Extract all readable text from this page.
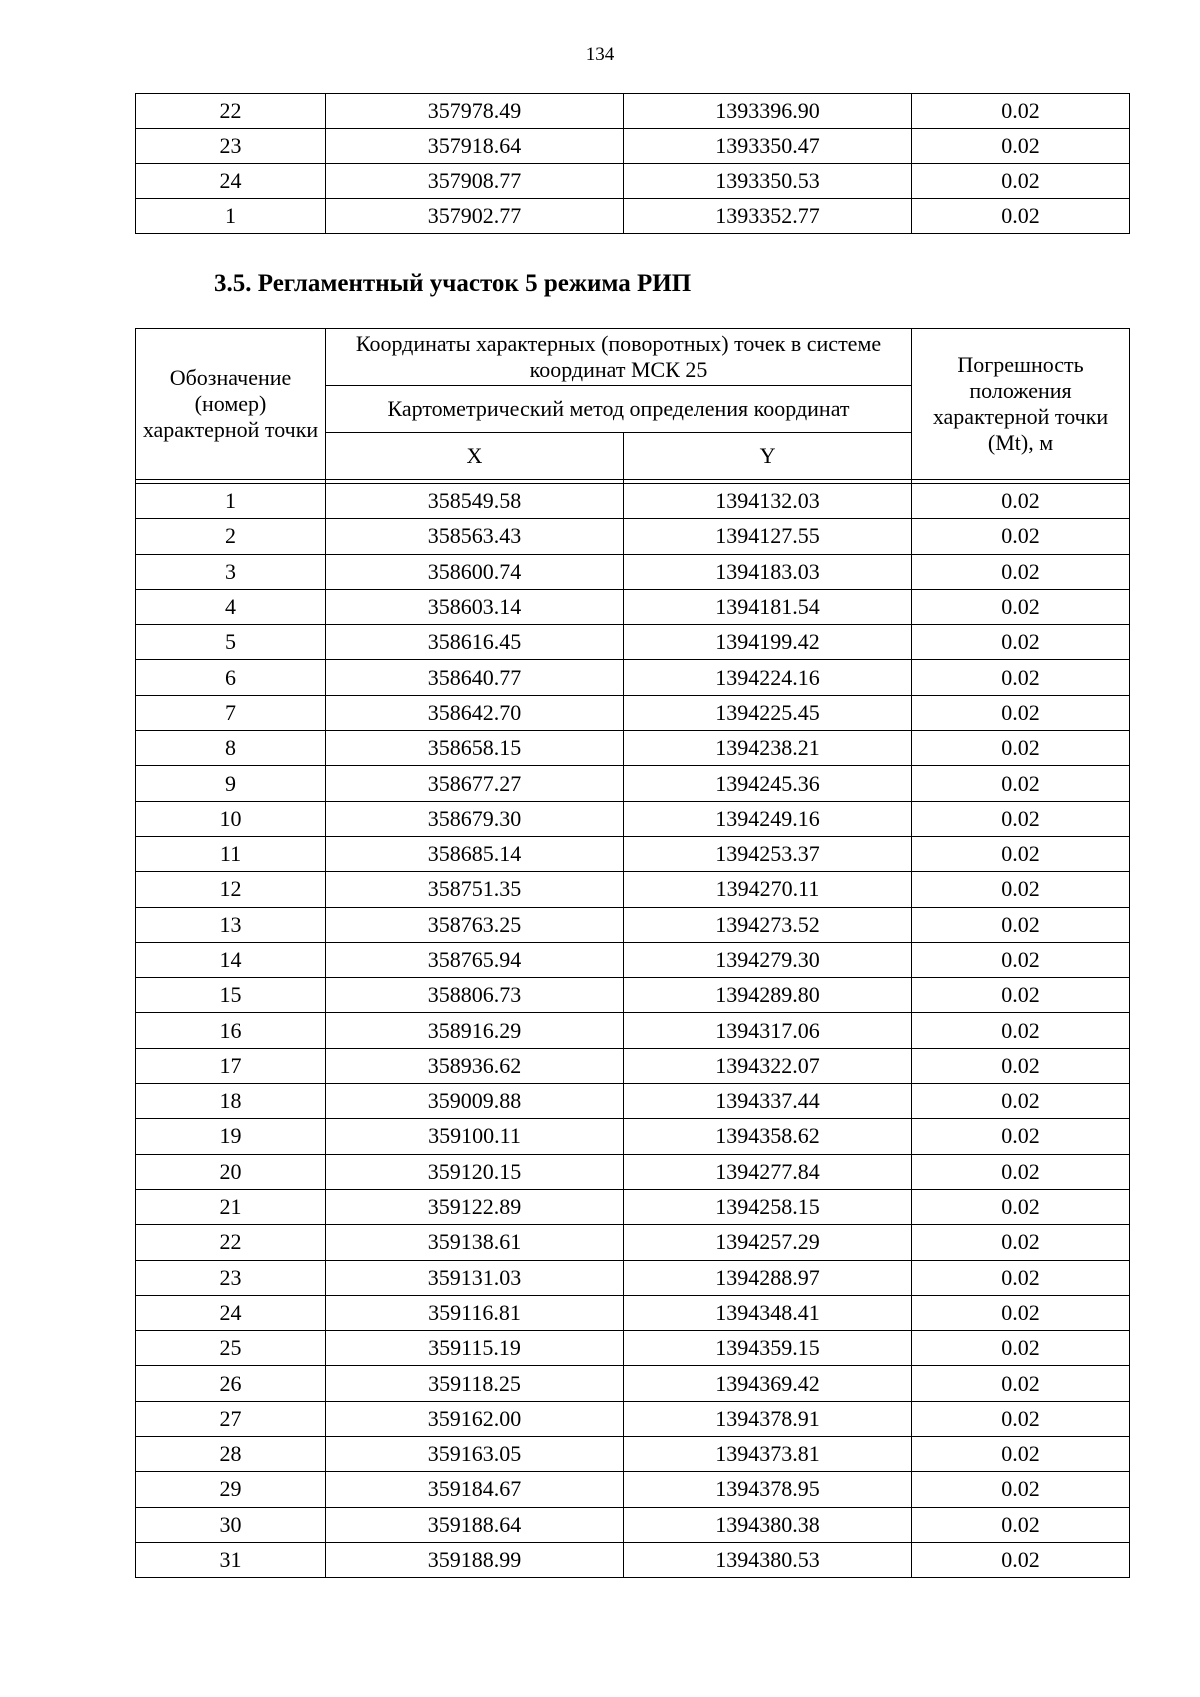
134
22	357978.49	1393396.90	0.02
23	357918.64	1393350.47	0.02
24	357908.77	1393350.53	0.02
1	357902.77	1393352.77	0.02
3.5. Регламентный участок 5 режима РИП
Обозначение (номер) характерной точки	Координаты характерных (поворотных) точек в системе координат МСК 25		Погрешность положения характерной точки (Mt), м
	Картометрический метод определения координат		
	X	Y	

1	358549.58	1394132.03	0.02
2	358563.43	1394127.55	0.02
3	358600.74	1394183.03	0.02
4	358603.14	1394181.54	0.02
5	358616.45	1394199.42	0.02
6	358640.77	1394224.16	0.02
7	358642.70	1394225.45	0.02
8	358658.15	1394238.21	0.02
9	358677.27	1394245.36	0.02
10	358679.30	1394249.16	0.02
11	358685.14	1394253.37	0.02
12	358751.35	1394270.11	0.02
13	358763.25	1394273.52	0.02
14	358765.94	1394279.30	0.02
15	358806.73	1394289.80	0.02
16	358916.29	1394317.06	0.02
17	358936.62	1394322.07	0.02
18	359009.88	1394337.44	0.02
19	359100.11	1394358.62	0.02
20	359120.15	1394277.84	0.02
21	359122.89	1394258.15	0.02
22	359138.61	1394257.29	0.02
23	359131.03	1394288.97	0.02
24	359116.81	1394348.41	0.02
25	359115.19	1394359.15	0.02
26	359118.25	1394369.42	0.02
27	359162.00	1394378.91	0.02
28	359163.05	1394373.81	0.02
29	359184.67	1394378.95	0.02
30	359188.64	1394380.38	0.02
31	359188.99	1394380.53	0.02
